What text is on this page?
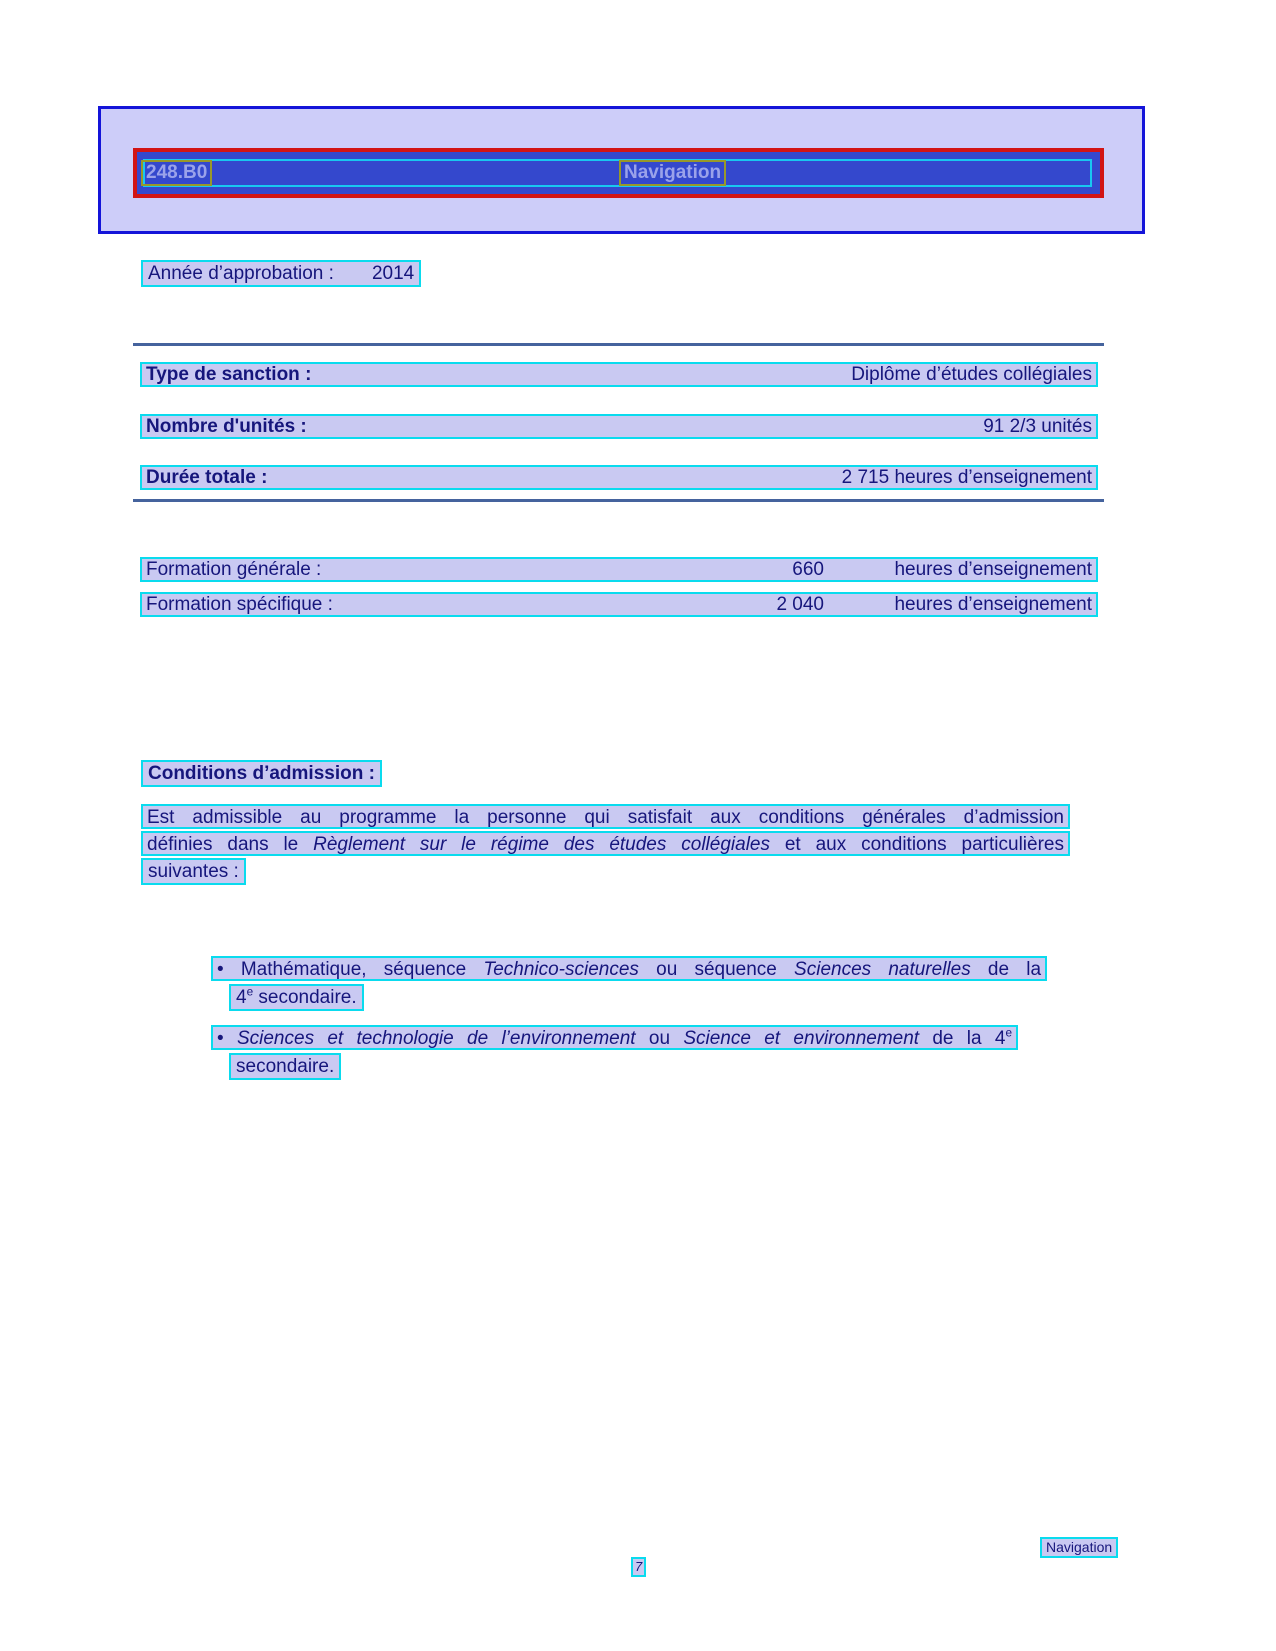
248.B0	Navigation
Année d’approbation : 2014
Type de sanction :	Diplôme d’études collégiales
Nombre d'unités :	91 2/3 unités
Durée totale :	2 715 heures d’enseignement
Formation générale :	660	heures d’enseignement
Formation spécifique :	2 040	heures d’enseignement
Conditions d’admission :
Est admissible au programme la personne qui satisfait aux conditions générales d’admission
définies dans le Règlement sur le régime des études collégiales et aux conditions particulières
suivantes :
• Mathématique, séquence Technico-sciences ou séquence Sciences naturelles de la
4e secondaire.
• Sciences et technologie de l’environnement ou Science et environnement de la 4e
secondaire.
Navigation
7
